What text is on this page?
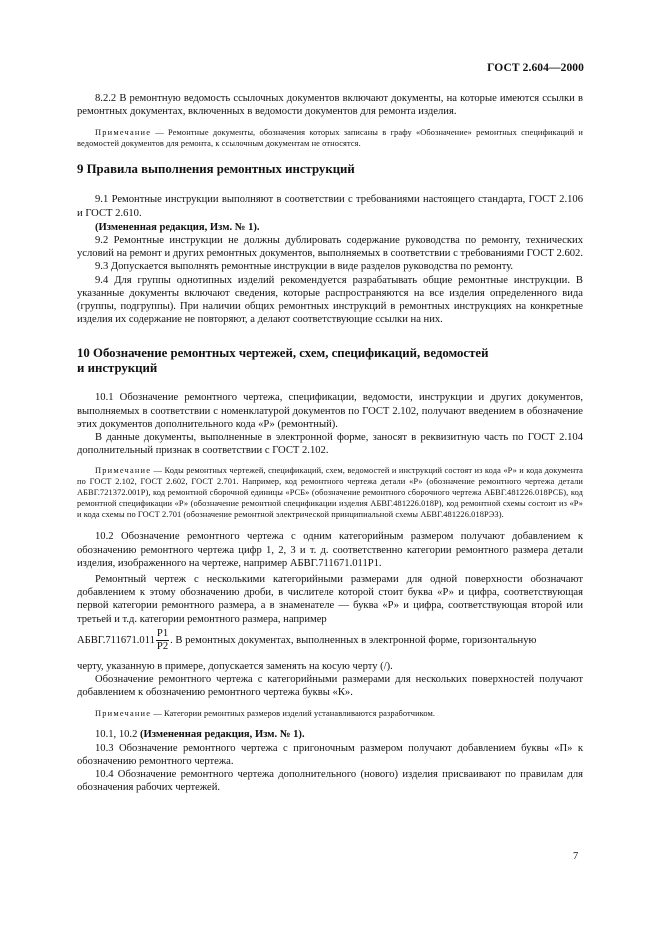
ГОСТ 2.604—2000

8.2.2 В ремонтную ведомость ссылочных документов включают документы, на которые имеются ссылки в ремонтных документах, включенных в ведомости документов для ремонта изделия.

Примечание — Ремонтные документы, обозначения которых записаны в графу «Обозначение» ремонтных спецификаций и ведомостей документов для ремонта, к ссылочным документам не относятся.

9 Правила выполнения ремонтных инструкций

9.1 Ремонтные инструкции выполняют в соответствии с требованиями настоящего стандарта, ГОСТ 2.106 и ГОСТ 2.610.

(Измененная редакция, Изм. № 1).

9.2 Ремонтные инструкции не должны дублировать содержание руководства по ремонту, технических условий на ремонт и других ремонтных документов, выполняемых в соответствии с требованиями ГОСТ 2.602.

9.3 Допускается выполнять ремонтные инструкции в виде разделов руководства по ремонту.

9.4 Для группы однотипных изделий рекомендуется разрабатывать общие ремонтные инструкции. В указанные документы включают сведения, которые распространяются на все изделия определенного вида (группы, подгруппы). При наличии общих ремонтных инструкций в ремонтных инструкциях на конкретные изделия их содержание не повторяют, а делают соответствующие ссылки на них.

10 Обозначение ремонтных чертежей, схем, спецификаций, ведомостей
и инструкций

10.1 Обозначение ремонтного чертежа, спецификации, ведомости, инструкции и других документов, выполняемых в соответствии с номенклатурой документов по ГОСТ 2.102, получают введением в обозначение этих документов дополнительного кода «Р» (ремонтный).

В данные документы, выполненные в электронной форме, заносят в реквизитную часть по ГОСТ 2.104 дополнительный признак в соответствии с ГОСТ 2.102.

Примечание — Коды ремонтных чертежей, спецификаций, схем, ведомостей и инструкций состоят из кода «Р» и кода документа по ГОСТ 2.102, ГОСТ 2.602, ГОСТ 2.701. Например, код ремонтного чертежа детали «Р» (обозначение ремонтного чертежа детали АБВГ.721372.001Р), код ремонтной сборочной единицы «РСБ» (обозначение ремонтного сборочного чертежа АБВГ.481226.018РСБ), код ремонтной спецификации «Р» (обозначение ремонтной спецификации изделия АБВГ.481226.018Р), код ремонтной схемы состоит из «Р» и кода схемы по ГОСТ 2.701 (обозначение ремонтной электрической принципиальной схемы АБВГ.481226.018РЭ3).

10.2 Обозначение ремонтного чертежа с одним категорийным размером получают добавлением к обозначению ремонтного чертежа цифр 1, 2, 3 и т. д. соответственно категории ремонтного размера детали изделия, изображенного на чертеже, например АБВГ.711671.011Р1.

Ремонтный чертеж с несколькими категорийными размерами для одной поверхности обозначают добавлением к этому обозначению дроби, в числителе которой стоит буква «Р» и цифра, соответствующая первой категории ремонтного размера, а в знаменателе — буква «Р» и цифра, соответствующая второй или третьей и т.д. категории ремонтного размера, например
АБВГ.711671.011 $\frac{Р1}{Р2}$ . В ремонтных документах, выполненных в электронной форме, горизонтальную
черту, указанную в примере, допускается заменять на косую черту (/).

Обозначение ремонтного чертежа с категорийными размерами для нескольких поверхностей получают добавлением к обозначению ремонтного чертежа буквы «К».

Примечание — Категории ремонтных размеров изделий устанавливаются разработчиком.

10.1, 10.2 (Измененная редакция, Изм. № 1).

10.3 Обозначение ремонтного чертежа с пригоночным размером получают добавлением буквы «П» к обозначению ремонтного чертежа.

10.4 Обозначение ремонтного чертежа дополнительного (нового) изделия присваивают по правилам для обозначения рабочих чертежей.

7
